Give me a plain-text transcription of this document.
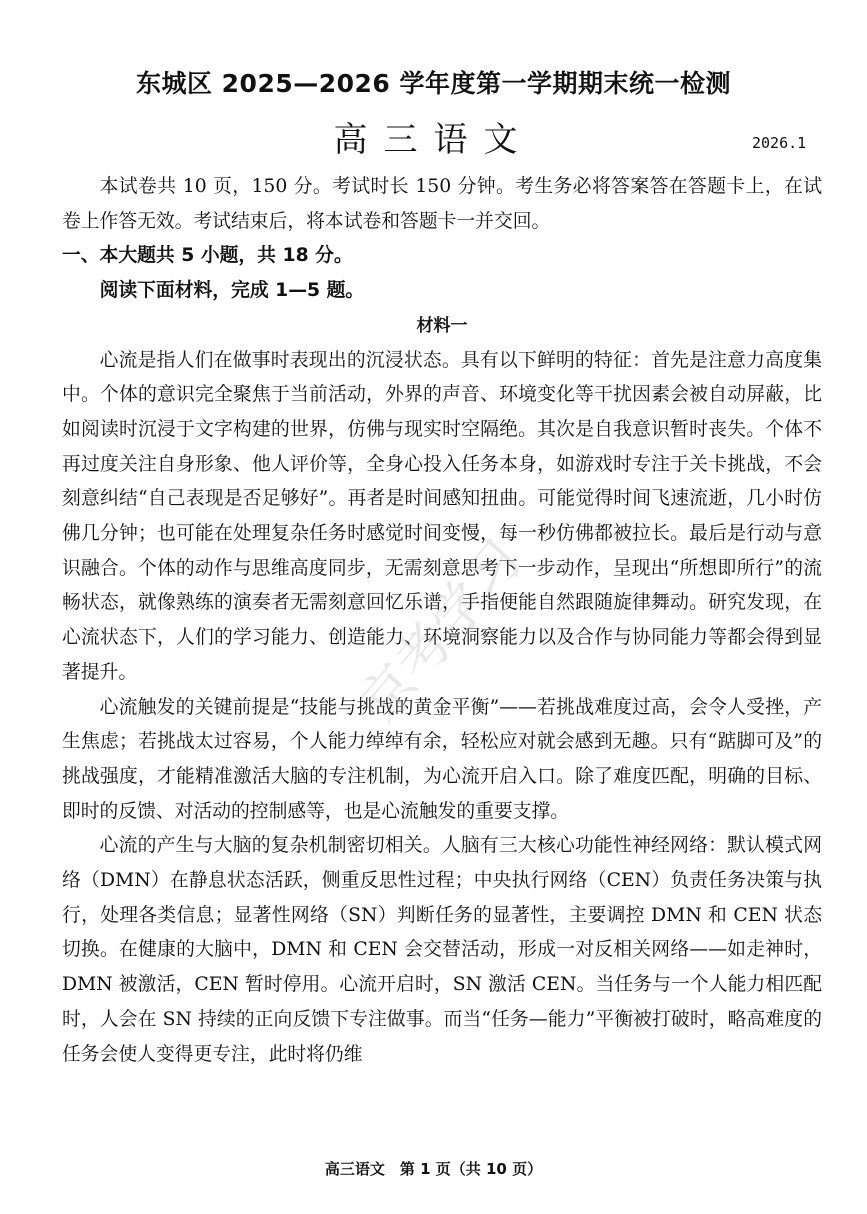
东城区 2025—2026 学年度第一学期期末统一检测
高三语文	2026.1

本试卷共 10 页，150 分。考试时长 150 分钟。考生务必将答案答在答题卡上，在试卷上作答无效。考试结束后，将本试卷和答题卡一并交回。

一、本大题共 5 小题，共 18 分。

阅读下面材料，完成 1—5 题。

材料一

心流是指人们在做事时表现出的沉浸状态。具有以下鲜明的特征：首先是注意力高度集中。个体的意识完全聚焦于当前活动，外界的声音、环境变化等干扰因素会被自动屏蔽，比如阅读时沉浸于文字构建的世界，仿佛与现实时空隔绝。其次是自我意识暂时丧失。个体不再过度关注自身形象、他人评价等，全身心投入任务本身，如游戏时专注于关卡挑战，不会刻意纠结“自己表现是否足够好”。再者是时间感知扭曲。可能觉得时间飞速流逝，几小时仿佛几分钟；也可能在处理复杂任务时感觉时间变慢，每一秒仿佛都被拉长。最后是行动与意识融合。个体的动作与思维高度同步，无需刻意思考下一步动作，呈现出“所想即所行”的流畅状态，就像熟练的演奏者无需刻意回忆乐谱，手指便能自然跟随旋律舞动。研究发现，在心流状态下，人们的学习能力、创造能力、环境洞察能力以及合作与协同能力等都会得到显著提升。

心流触发的关键前提是“技能与挑战的黄金平衡”——若挑战难度过高，会令人受挫，产生焦虑；若挑战太过容易，个人能力绰绰有余，轻松应对就会感到无趣。只有“踮脚可及”的挑战强度，才能精准激活大脑的专注机制，为心流开启入口。除了难度匹配，明确的目标、即时的反馈、对活动的控制感等，也是心流触发的重要支撑。

心流的产生与大脑的复杂机制密切相关。人脑有三大核心功能性神经网络：默认模式网络（DMN）在静息状态活跃，侧重反思性过程；中央执行网络（CEN）负责任务决策与执行，处理各类信息；显著性网络（SN）判断任务的显著性，主要调控 DMN 和 CEN 状态切换。在健康的大脑中，DMN 和 CEN 会交替活动，形成一对反相关网络——如走神时，DMN 被激活，CEN 暂时停用。心流开启时，SN 激活 CEN。当任务与一个人能力相匹配时，人会在 SN 持续的正向反馈下专注做事。而当“任务—能力”平衡被打破时，略高难度的任务会使人变得更专注，此时将仍维

京考学习
高三语文　第 1 页（共 10 页）
